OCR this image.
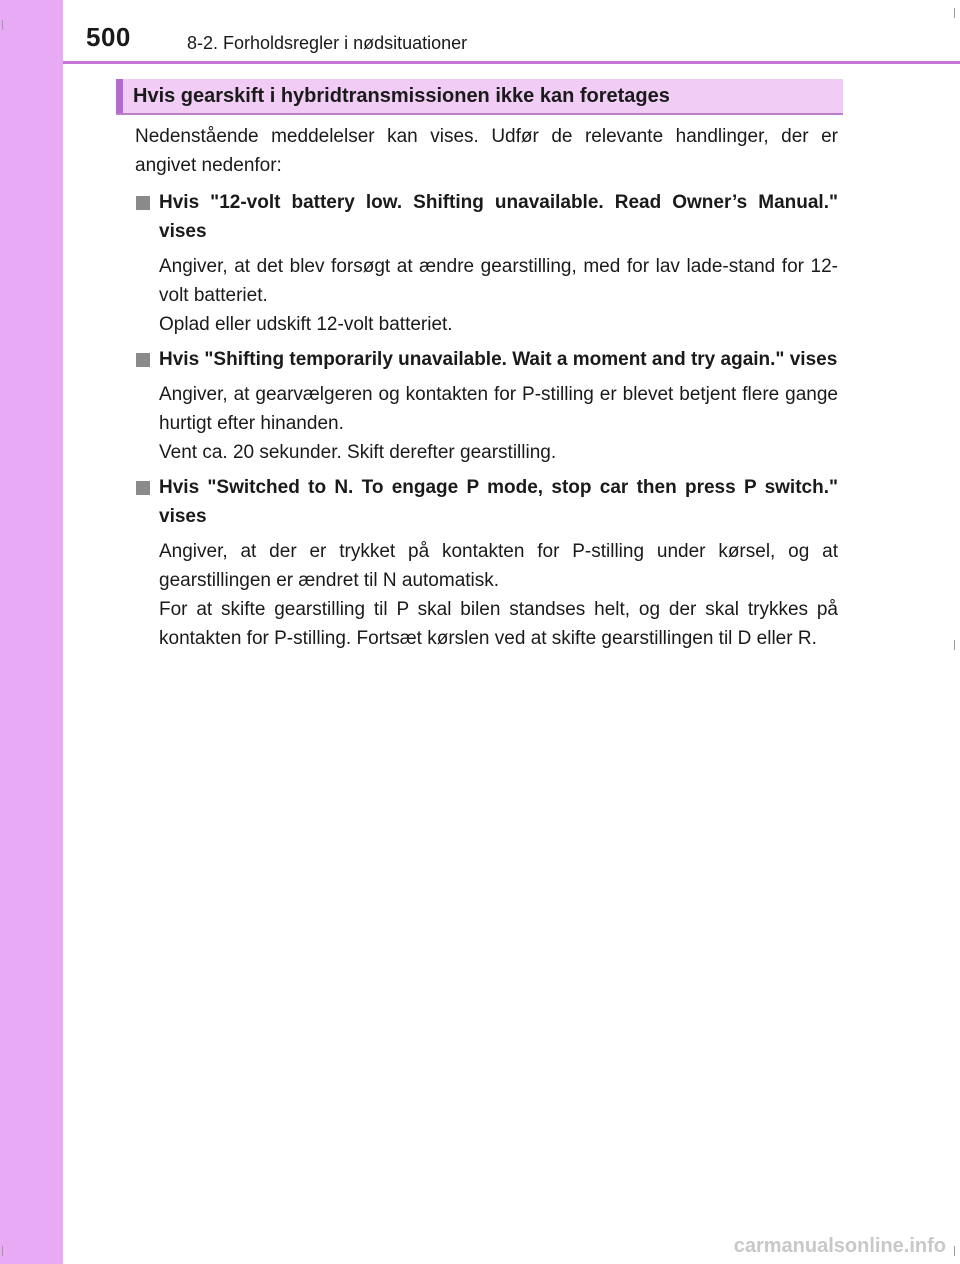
500	8-2. Forholdsregler i nødsituationer
Hvis gearskift i hybridtransmissionen ikke kan foretages

Nedenstående meddelelser kan vises. Udfør de relevante handlinger, der er angivet nedenfor:

Hvis "12-volt battery low. Shifting unavailable. Read Owner’s Manual." vises

Angiver, at det blev forsøgt at ændre gearstilling, med for lav lade-stand for 12-volt batteriet.

Oplad eller udskift 12-volt batteriet.

Hvis "Shifting temporarily unavailable. Wait a moment and try again." vises

Angiver, at gearvælgeren og kontakten for P-stilling er blevet betjent flere gange hurtigt efter hinanden.

Vent ca. 20 sekunder. Skift derefter gearstilling.

Hvis "Switched to N. To engage P mode, stop car then press P switch." vises

Angiver, at der er trykket på kontakten for P-stilling under kørsel, og at gearstillingen er ændret til N automatisk.

For at skifte gearstilling til P skal bilen standses helt, og der skal trykkes på kontakten for P-stilling. Fortsæt kørslen ved at skifte gearstillingen til D eller R.

carmanualsonline.info
